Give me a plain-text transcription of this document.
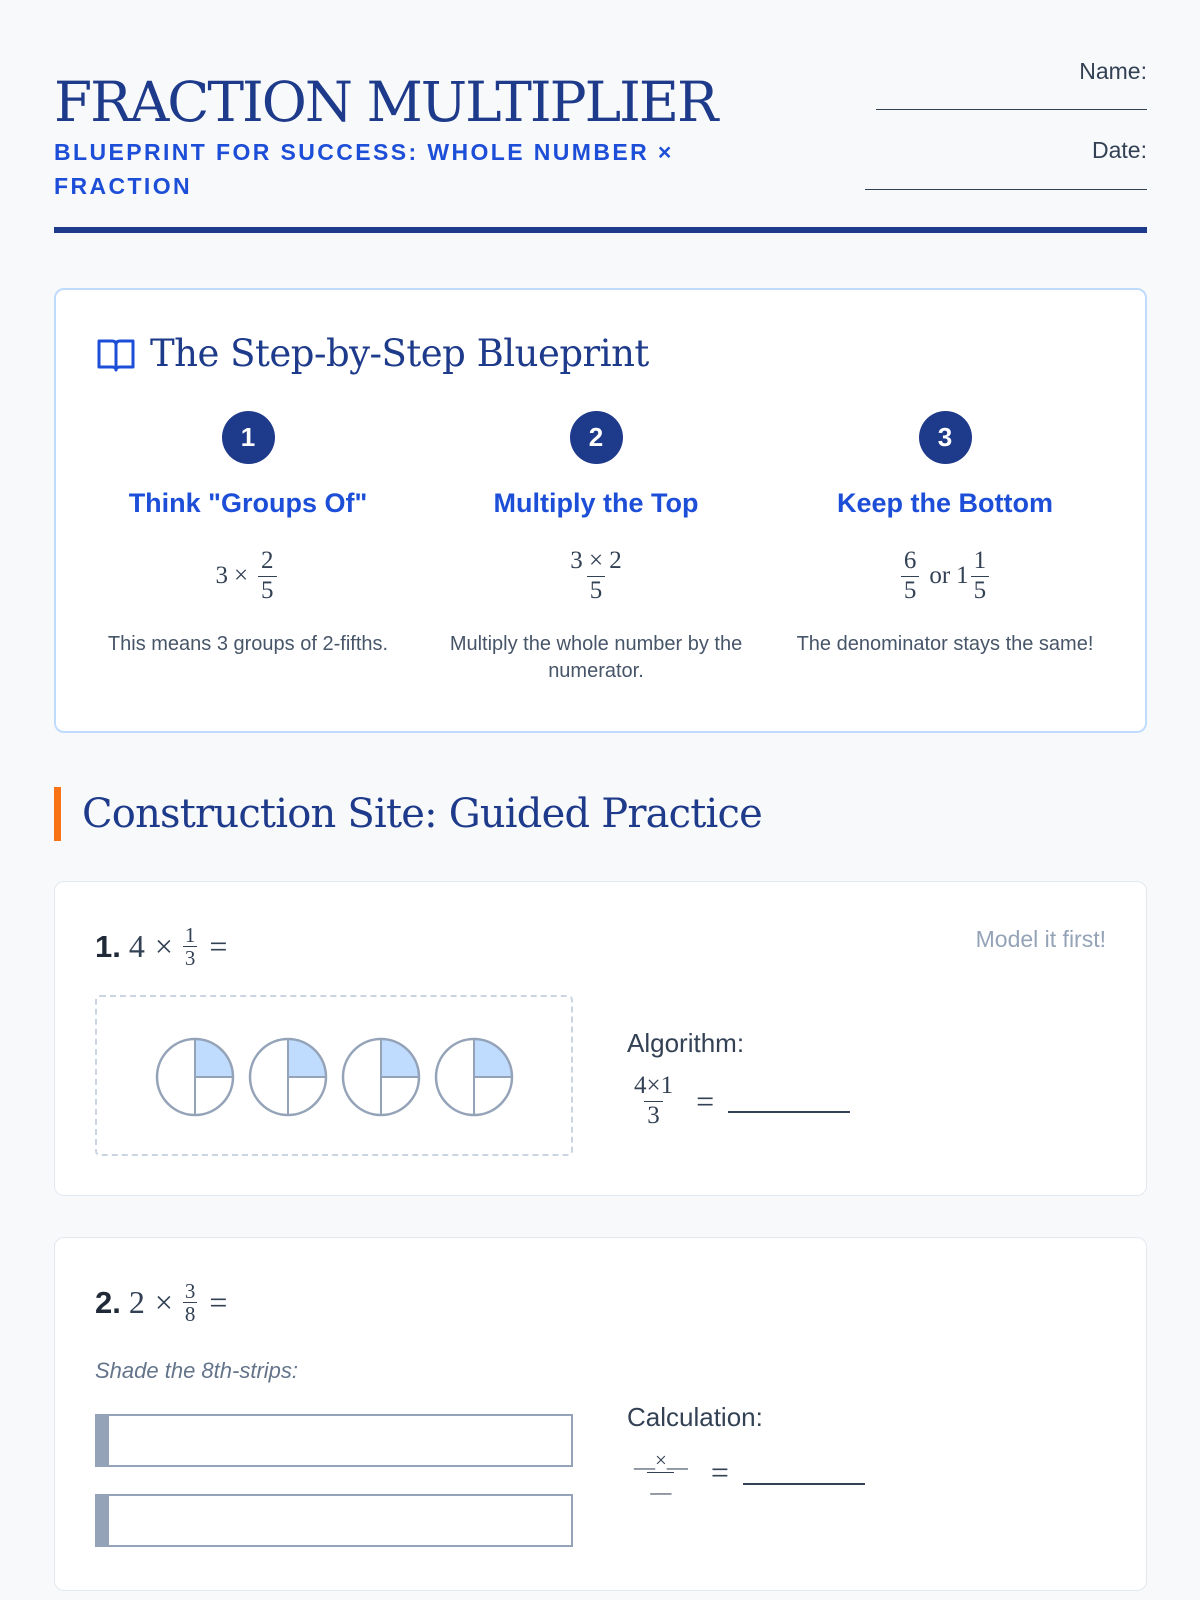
FRACTION MULTIPLIER
BLUEPRINT FOR SUCCESS: WHOLE NUMBER × FRACTION
Name:
Date:
The Step-by-Step Blueprint
1
Think "Groups Of"
$3 \times \frac{2}{5}$
This means 3 groups of 2-fifths.
2
Multiply the Top
$\frac{3 \times 2}{5}$
Multiply the whole number by the numerator.
3
Keep the Bottom
$\frac{6}{5}$ or $1 \frac{1}{5}$
The denominator stays the same!
Construction Site: Guided Practice
1. $4 \times \frac{1}{3}$ =	Model it first!
Algorithm:
$\frac{4\times 1}{3}$ =
2. $2 \times \frac{3}{8}$ =
Shade the 8th-strips:
Calculation:
$\frac{\_\_\times\_\_}{\_\_}$ =
